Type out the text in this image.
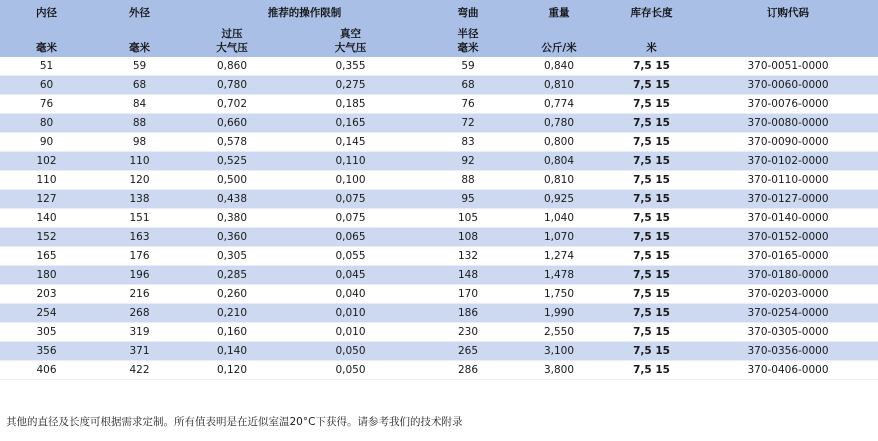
内径	外径	推荐的操作限制		弯曲	重量	库存长度	订购代码
		过压	真空	半径			
毫米	毫米	大气压	大气压	毫米	公斤/米	米	
51	59	0,860	0,355	59	0,840	7,5 15	370-0051-0000
60	68	0,780	0,275	68	0,810	7,5 15	370-0060-0000
76	84	0,702	0,185	76	0,774	7,5 15	370-0076-0000
80	88	0,660	0,165	72	0,780	7,5 15	370-0080-0000
90	98	0,578	0,145	83	0,800	7,5 15	370-0090-0000
102	110	0,525	0,110	92	0,804	7,5 15	370-0102-0000
110	120	0,500	0,100	88	0,810	7,5 15	370-0110-0000
127	138	0,438	0,075	95	0,925	7,5 15	370-0127-0000
140	151	0,380	0,075	105	1,040	7,5 15	370-0140-0000
152	163	0,360	0,065	108	1,070	7,5 15	370-0152-0000
165	176	0,305	0,055	132	1,274	7,5 15	370-0165-0000
180	196	0,285	0,045	148	1,478	7,5 15	370-0180-0000
203	216	0,260	0,040	170	1,750	7,5 15	370-0203-0000
254	268	0,210	0,010	186	1,990	7,5 15	370-0254-0000
305	319	0,160	0,010	230	2,550	7,5 15	370-0305-0000
356	371	0,140	0,050	265	3,100	7,5 15	370-0356-0000
406	422	0,120	0,050	286	3,800	7,5 15	370-0406-0000
其他的直径及长度可根据需求定制。所有值表明是在近似室温20°C下获得。请参考我们的技术附录
